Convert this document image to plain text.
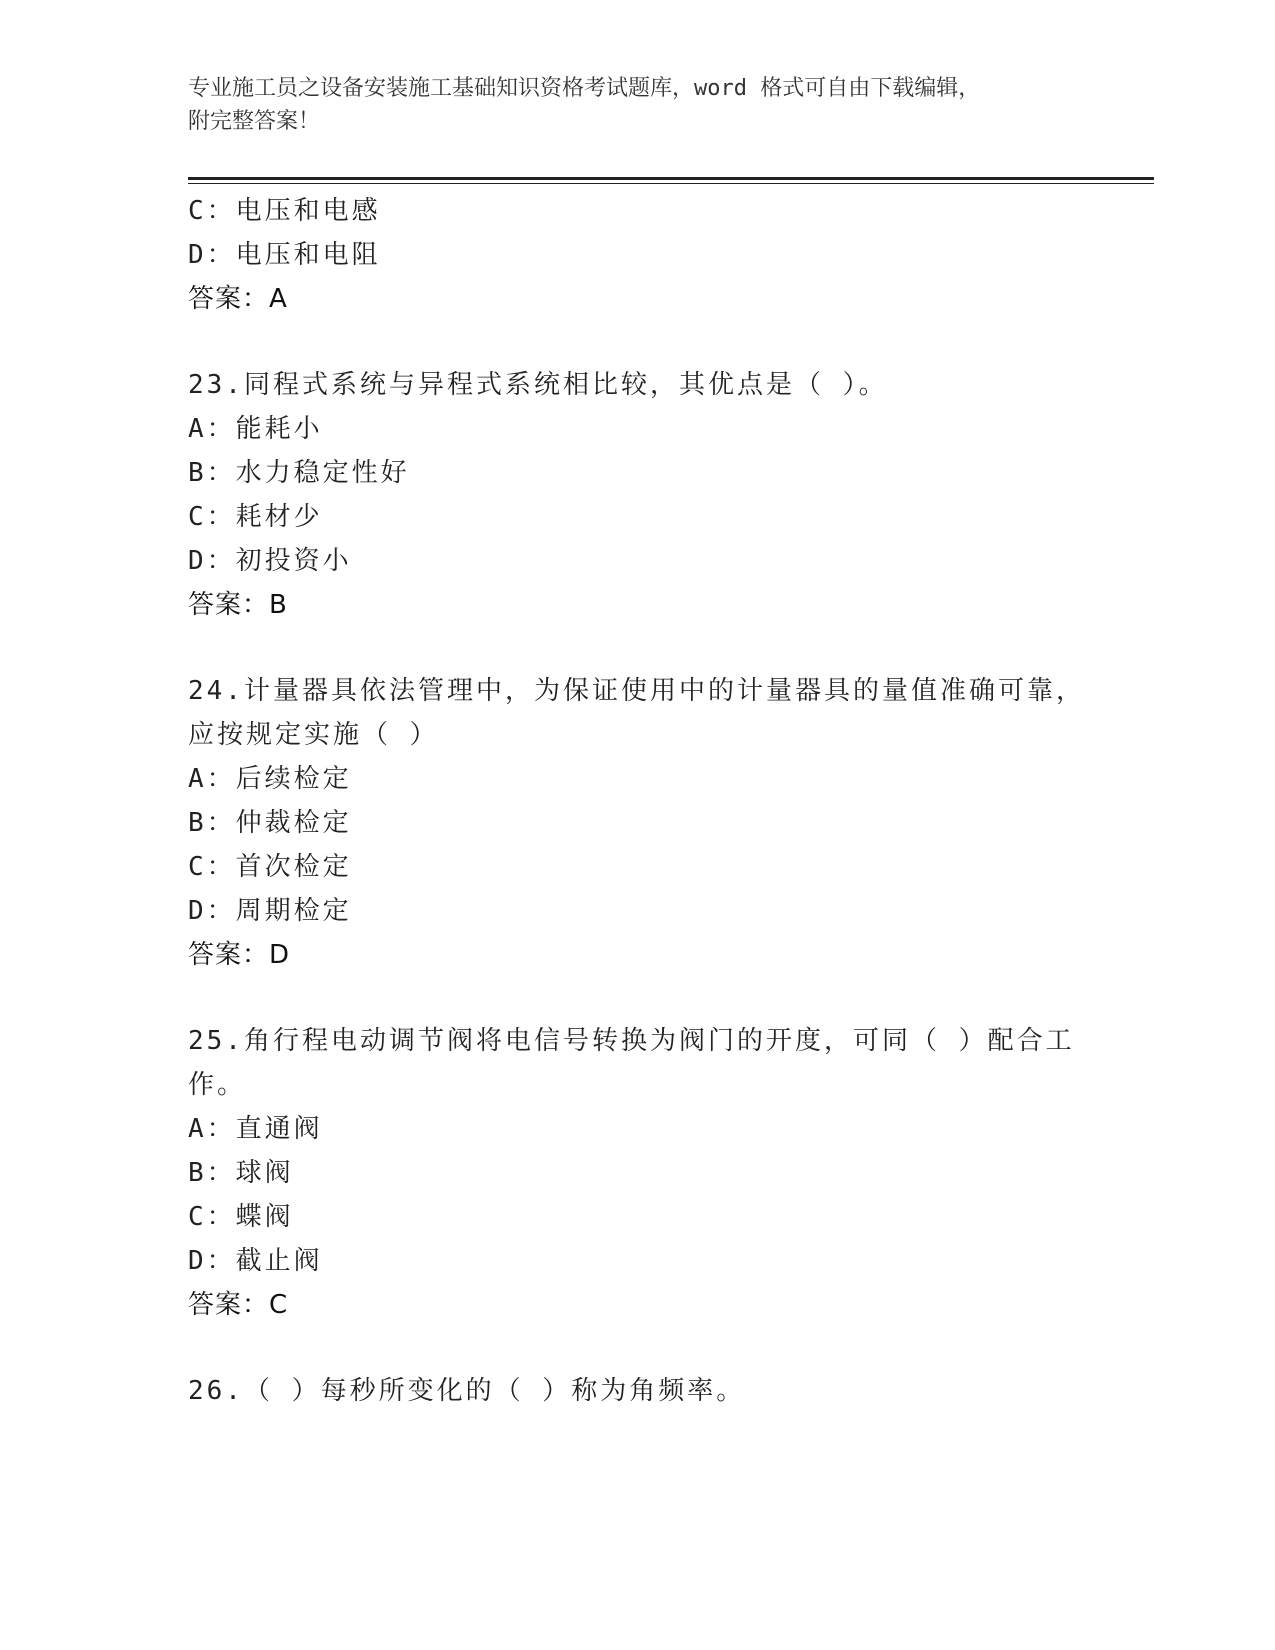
专业施工员之设备安装施工基础知识资格考试题库，word 格式可自由下载编辑，
附完整答案！
C：电压和电感
D：电压和电阻
答案：A
23.同程式系统与异程式系统相比较，其优点是（ ）。
A：能耗小
B：水力稳定性好
C：耗材少
D：初投资小
答案：B
24.计量器具依法管理中，为保证使用中的计量器具的量值准确可靠，
应按规定实施（ ）
A：后续检定
B：仲裁检定
C：首次检定
D：周期检定
答案：D
25.角行程电动调节阀将电信号转换为阀门的开度，可同（ ）配合工
作。
A：直通阀
B：球阀
C：蝶阀
D：截止阀
答案：C
26.（ ）每秒所变化的（ ）称为角频率。
